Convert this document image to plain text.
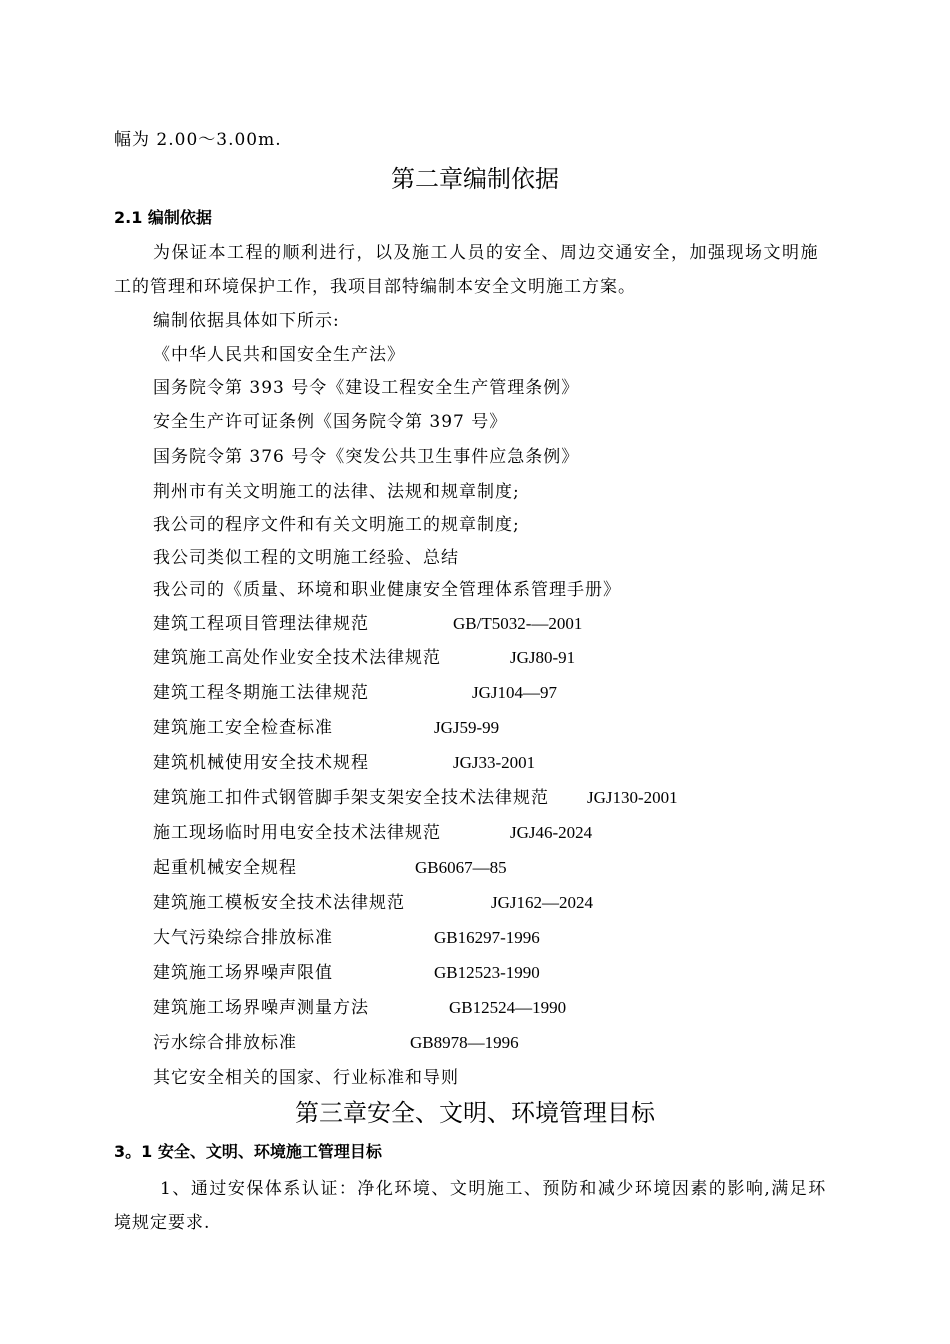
幅为 2.00～3.00m.
第二章编制依据
2.1 编制依据
为保证本工程的顺利进行，以及施工人员的安全、周边交通安全，加强现场文明施
工的管理和环境保护工作，我项目部特编制本安全文明施工方案。
编制依据具体如下所示:
《中华人民共和国安全生产法》
国务院令第 393 号令《建设工程安全生产管理条例》
安全生产许可证条例《国务院令第 397 号》
国务院令第 376 号令《突发公共卫生事件应急条例》
荆州市有关文明施工的法律、法规和规章制度;
我公司的程序文件和有关文明施工的规章制度;
我公司类似工程的文明施工经验、总结
我公司的《质量、环境和职业健康安全管理体系管理手册》
建筑工程项目管理法律规范	GB/T5032-—2001
建筑施工高处作业安全技术法律规范	JGJ80-91
建筑工程冬期施工法律规范	JGJ104—97
建筑施工安全检查标准	JGJ59-99
建筑机械使用安全技术规程	JGJ33-2001
建筑施工扣件式钢管脚手架支架安全技术法律规范 JGJ130-2001
施工现场临时用电安全技术法律规范	JGJ46-2024
起重机械安全规程	GB6067—85
建筑施工模板安全技术法律规范	JGJ162—2024
大气污染综合排放标准	GB16297-1996
建筑施工场界噪声限值	GB12523-1990
建筑施工场界噪声测量方法	GB12524—1990
污水综合排放标准	GB8978—1996
其它安全相关的国家、行业标准和导则
第三章安全、文明、环境管理目标
3。1 安全、文明、环境施工管理目标
1、通过安保体系认证：净化环境、文明施工、预防和减少环境因素的影响,满足环
境规定要求.
